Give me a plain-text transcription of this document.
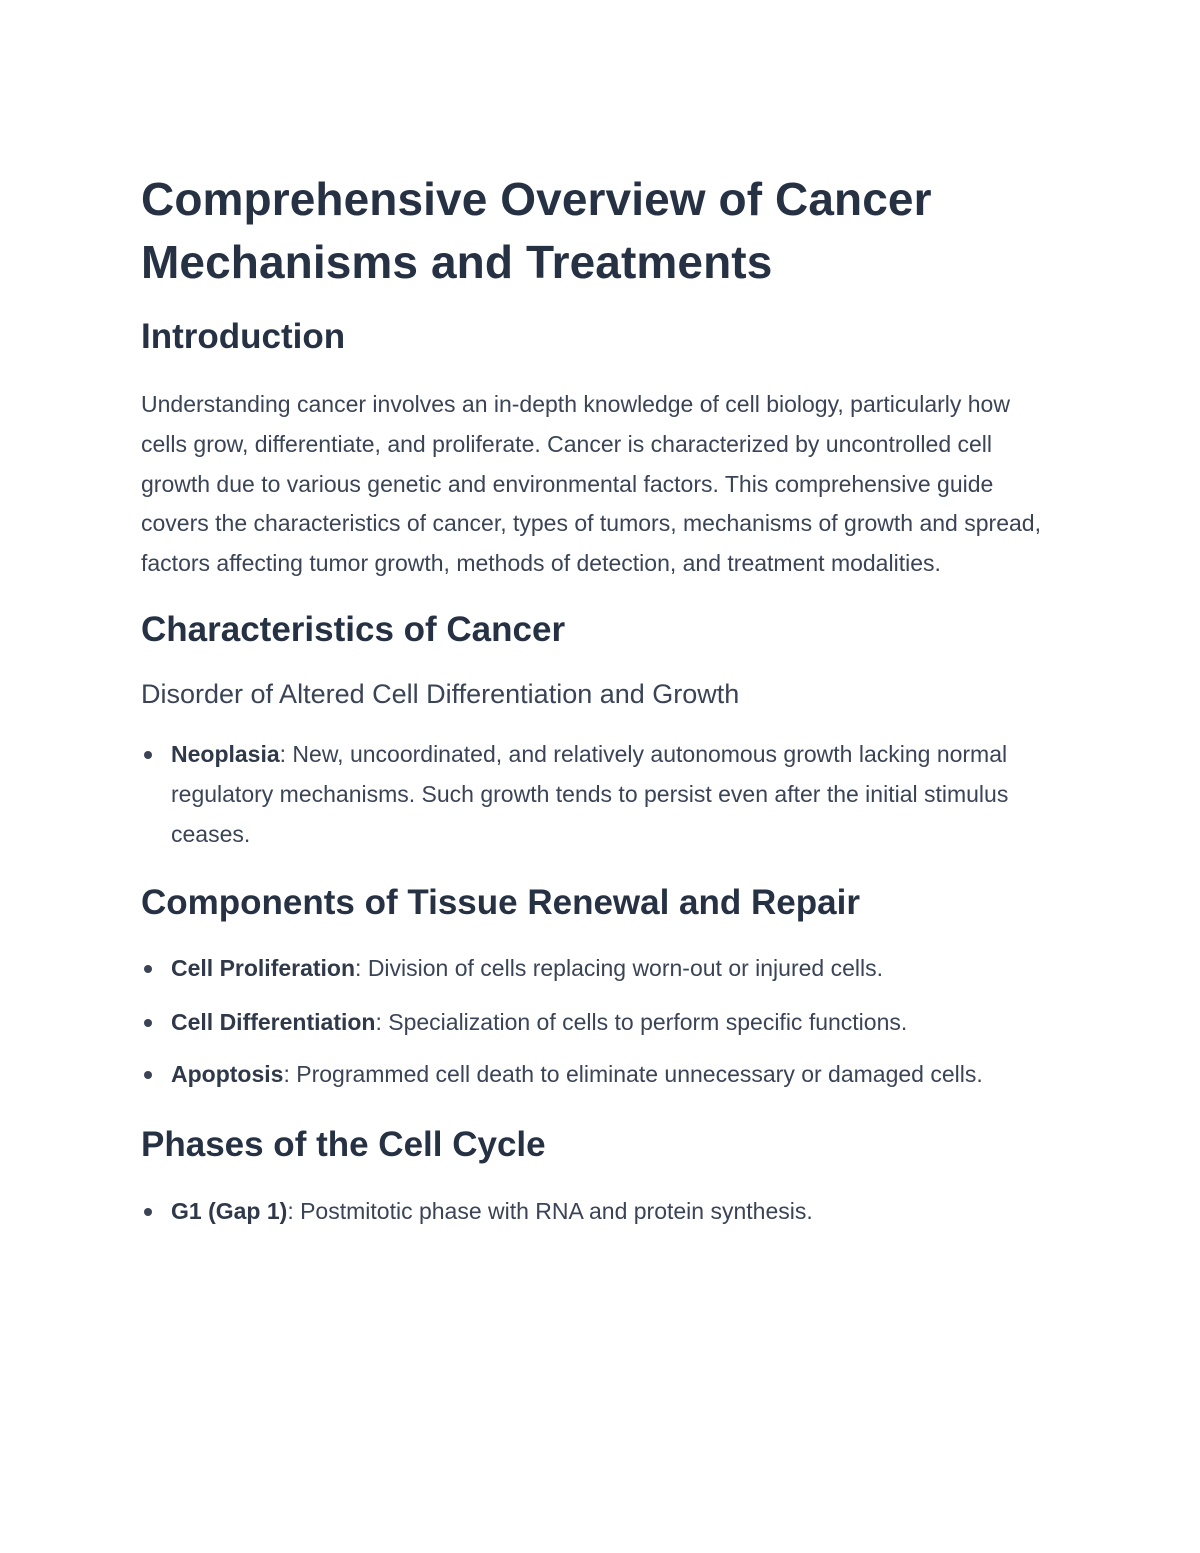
Comprehensive Overview of Cancer Mechanisms and Treatments
Introduction

Understanding cancer involves an in-depth knowledge of cell biology, particularly how cells grow, differentiate, and proliferate. Cancer is characterized by uncontrolled cell growth due to various genetic and environmental factors. This comprehensive guide covers the characteristics of cancer, types of tumors, mechanisms of growth and spread, factors affecting tumor growth, methods of detection, and treatment modalities.

Characteristics of Cancer
Disorder of Altered Cell Differentiation and Growth
Neoplasia: New, uncoordinated, and relatively autonomous growth lacking normal regulatory mechanisms. Such growth tends to persist even after the initial stimulus ceases.
Components of Tissue Renewal and Repair
Cell Proliferation: Division of cells replacing worn-out or injured cells.
Cell Differentiation: Specialization of cells to perform specific functions.
Apoptosis: Programmed cell death to eliminate unnecessary or damaged cells.
Phases of the Cell Cycle
G1 (Gap 1): Postmitotic phase with RNA and protein synthesis.
